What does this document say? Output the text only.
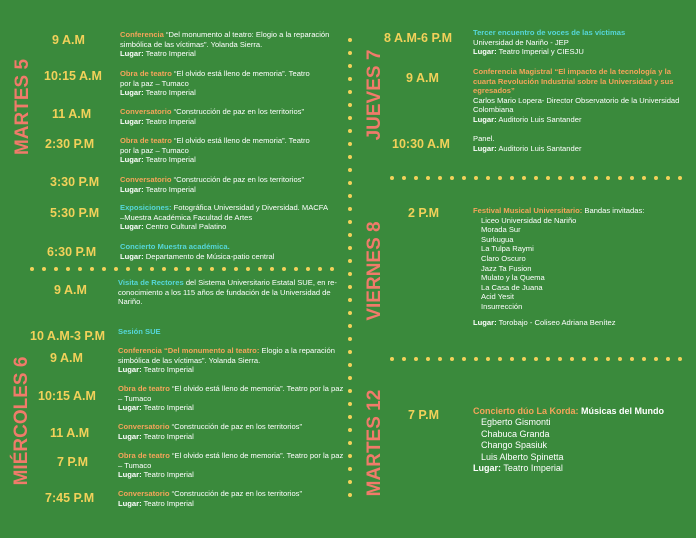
MARTES 5
MIÉRCOLES 6
JUEVES 7
VIERNES 8
MARTES 12
9 A.M	Conferencia “Del monumento al teatro: Elogio a la reparación simbólica de las víctimas”. Yolanda Sierra.
Lugar: Teatro Imperial
10:15 A.M Obra de teatro “El olvido está lleno de memoria”. Teatro por la paz – Tumaco
Lugar: Teatro Imperial
11 A.M	Conversatorio “Construcción de paz en los territorios”
Lugar: Teatro Imperial
2:30 P.M	Obra de teatro “El olvido está lleno de memoria”. Teatro por la paz – Tumaco
Lugar: Teatro Imperial
3:30 P.M	Conversatorio “Construcción de paz en los territorios”
Lugar: Teatro Imperial
5:30 P.M	Exposiciones: Fotográfica Universidad y Diversidad. MACFA –Muestra Académica Facultad de Artes
Lugar: Centro Cultural Palatino
6:30 P.M	Concierto Muestra académica.
Lugar: Departamento de Música-patio central
9 A.M
Visita de Rectores del Sistema Universitario Estatal SUE, en re-conocimiento a los 115 años de fundación de la Universidad de Nariño.
10 A.M-3 P.M Sesión SUE
9 A.M
Conferencia “Del monumento al teatro: Elogio a la reparación simbólica de las víctimas”. Yolanda Sierra.
Lugar: Teatro Imperial
10:15 A.M
Obra de teatro “El olvido está lleno de memoria”. Teatro por la paz – Tumaco
Lugar: Teatro Imperial
11 A.M	Conversatorio “Construcción de paz en los territorios”
Lugar: Teatro Imperial
7 P.M	Obra de teatro “El olvido está lleno de memoria”. Teatro por la paz – Tumaco
Lugar: Teatro Imperial
7:45 P.M	Conversatorio “Construcción de paz en los territorios”
Lugar: Teatro Imperial
8 A.M-6 P.M	Tercer encuentro de voces de las víctimas
Universidad de Nariño - JEP
Lugar: Teatro Imperial y CIESJU
9 A.M	Conferencia Magistral “El impacto de la tecnología y la cuarta Revolución Industrial sobre la Universidad y sus egresados”
Carlos Mario Lopera- Director Observatorio de la Universidad Colombiana
Lugar: Auditorio Luis Santander
10:30 A.M	Panel.
Lugar: Auditorio Luis Santander
2 P.M	Festival Musical Universitario: Bandas invitadas:

Liceo Universidad de Nariño
Morada Sur
Surkugua
La Tulpa Raymi
Claro Oscuro
Jazz Ta Fusion
Mulato y la Quema
La Casa de Juana
Acid Yesit
Insurrección
Lugar: Torobajo - Coliseo Adriana Benítez
7 P.M	Concierto dúo La Korda: Músicas del Mundo

Egberto Gismonti
Chabuca Granda
Chango Spasiuk
Luis Alberto Spinetta
Lugar: Teatro Imperial
